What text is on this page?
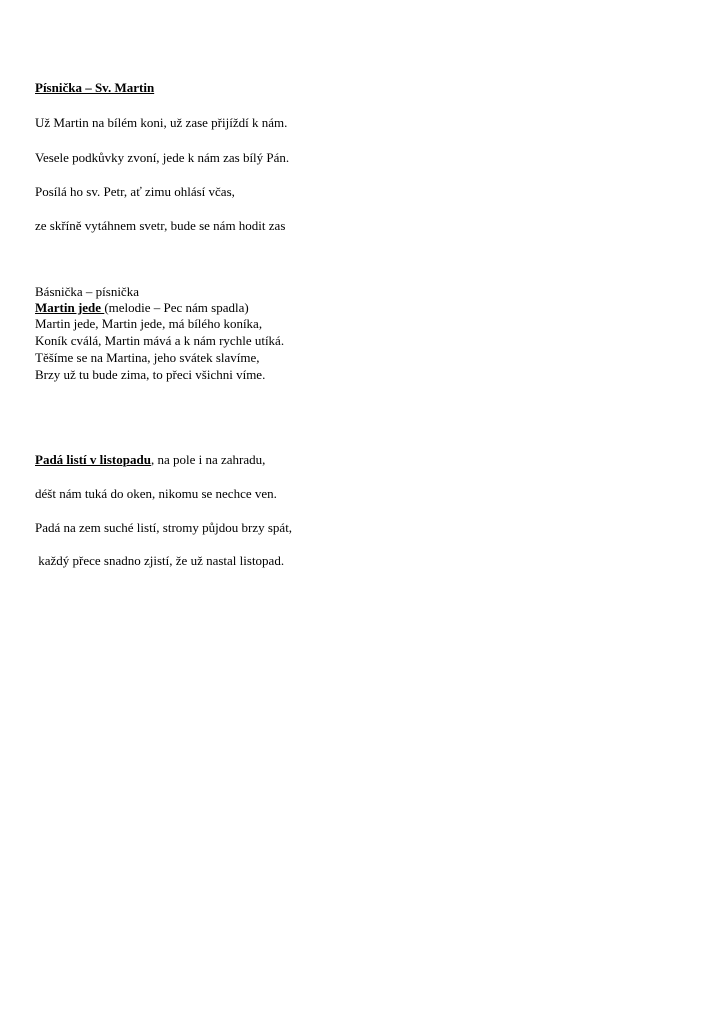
Písnička – Sv. Martin
Už Martin na bílém koni, už zase přijíždí k nám.
Vesele podkůvky zvoní, jede k nám zas bílý Pán.
Posílá ho sv. Petr, ať zimu ohlásí včas,
ze skříně vytáhnem svetr, bude se nám hodit zas
Básnička – písnička
Martin jede (melodie – Pec nám spadla)
Martin jede, Martin jede, má bílého koníka,
Koník cválá, Martin mává a k nám rychle utíká.
Těšíme se na Martina, jeho svátek slavíme,
Brzy už tu bude zima, to přeci všichni víme.
Padá listí v listopadu, na pole i na zahradu,
déšt nám tuká do oken, nikomu se nechce ven.
Padá na zem suché listí, stromy půjdou brzy spát,
každý přece snadno zjistí, že už nastal listopad.
